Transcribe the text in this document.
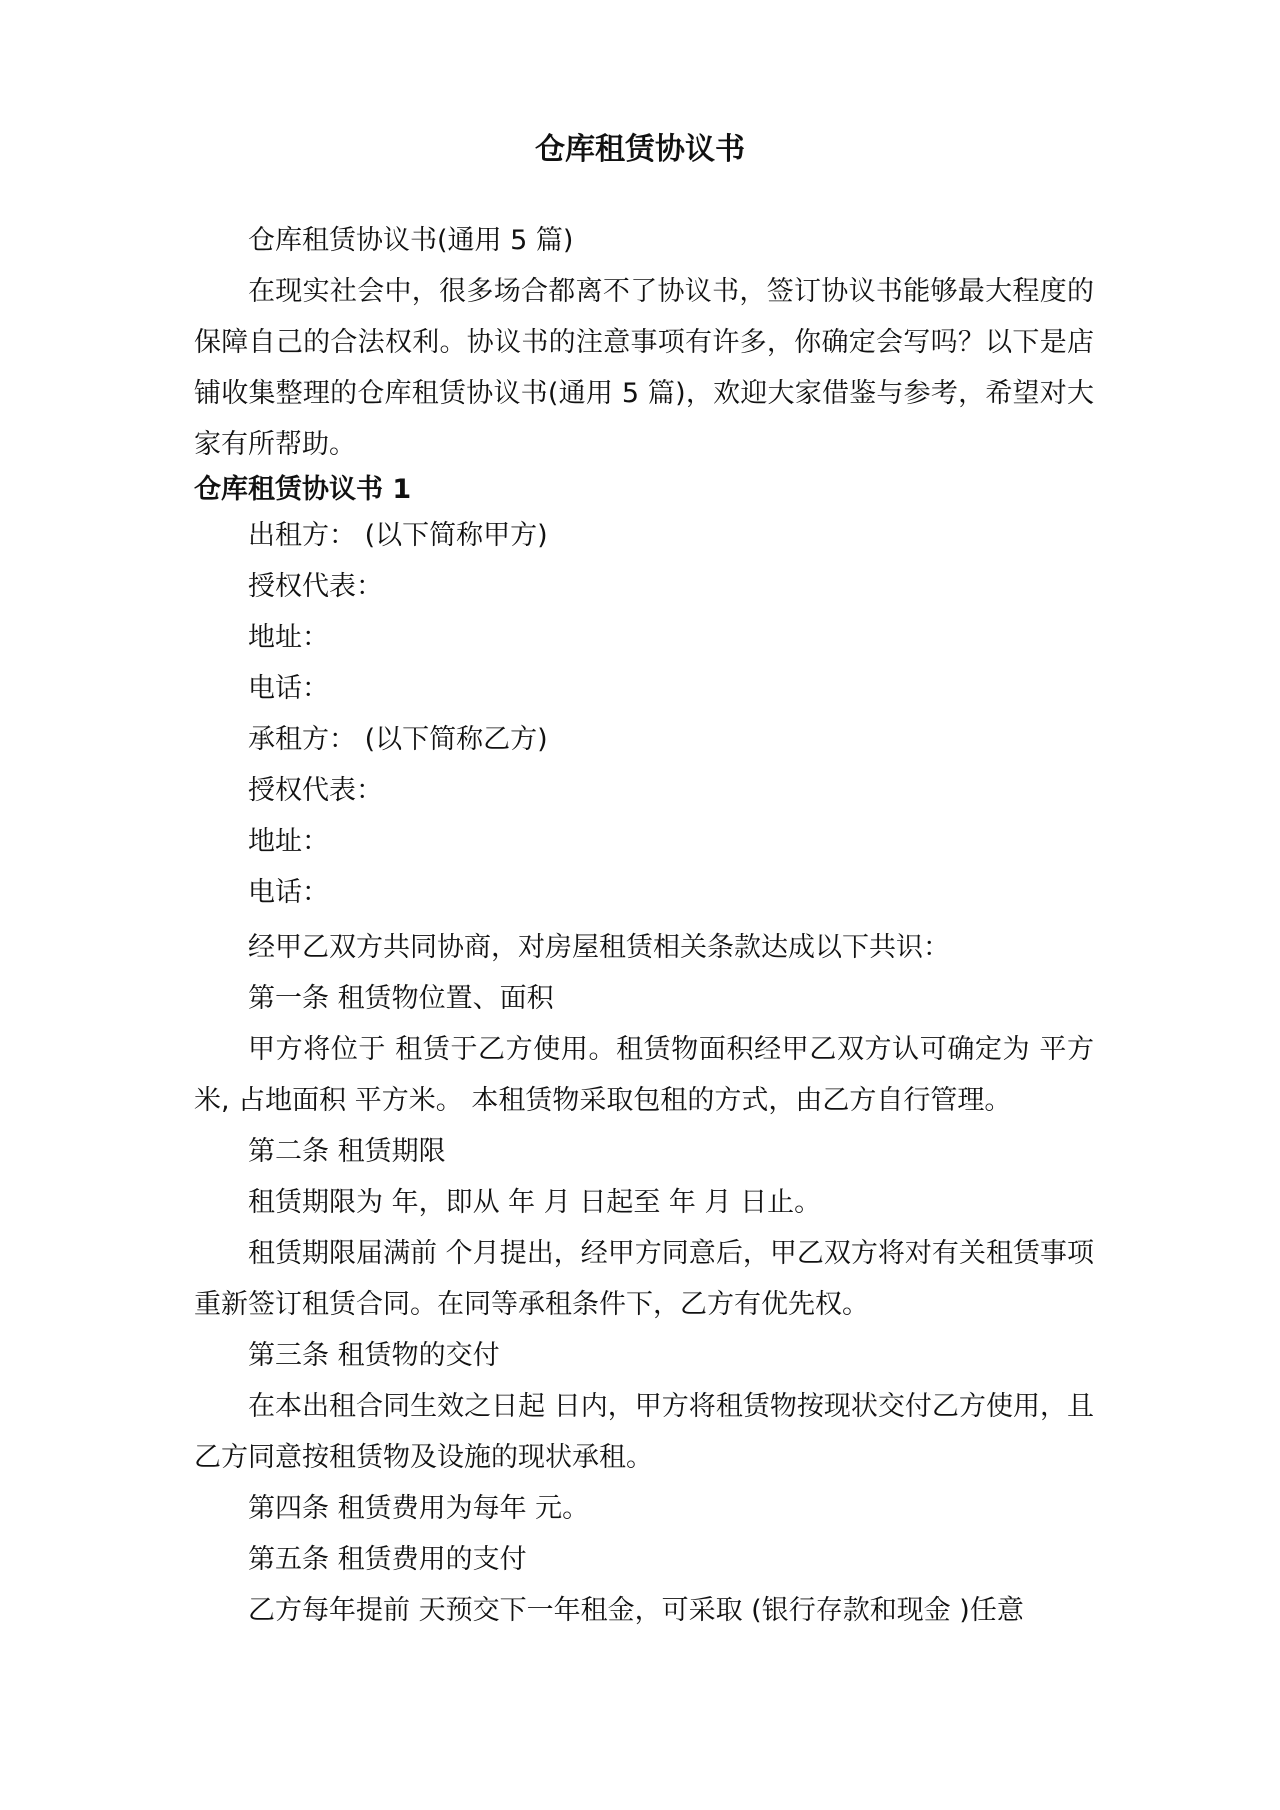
仓库租赁协议书

仓库租赁协议书(通用 5 篇)

在现实社会中，很多场合都离不了协议书，签订协议书能够最大程度的保障自己的合法权利。协议书的注意事项有许多，你确定会写吗？以下是店铺收集整理的仓库租赁协议书(通用 5 篇)，欢迎大家借鉴与参考，希望对大家有所帮助。

仓库租赁协议书 1

出租方： (以下简称甲方)

授权代表：

地址：

电话：

承租方： (以下简称乙方)

授权代表：

地址：

电话：

经甲乙双方共同协商，对房屋租赁相关条款达成以下共识：

第一条 租赁物位置、面积

甲方将位于 租赁于乙方使用。租赁物面积经甲乙双方认可确定为 平方米, 占地面积 平方米。 本租赁物采取包租的方式，由乙方自行管理。

第二条 租赁期限

租赁期限为 年，即从 年 月 日起至 年 月 日止。

租赁期限届满前 个月提出，经甲方同意后，甲乙双方将对有关租赁事项重新签订租赁合同。在同等承租条件下，乙方有优先权。

第三条 租赁物的交付

在本出租合同生效之日起 日内，甲方将租赁物按现状交付乙方使用，且乙方同意按租赁物及设施的现状承租。

第四条 租赁费用为每年 元。

第五条 租赁费用的支付

乙方每年提前 天预交下一年租金，可采取 (银行存款和现金 )任意
